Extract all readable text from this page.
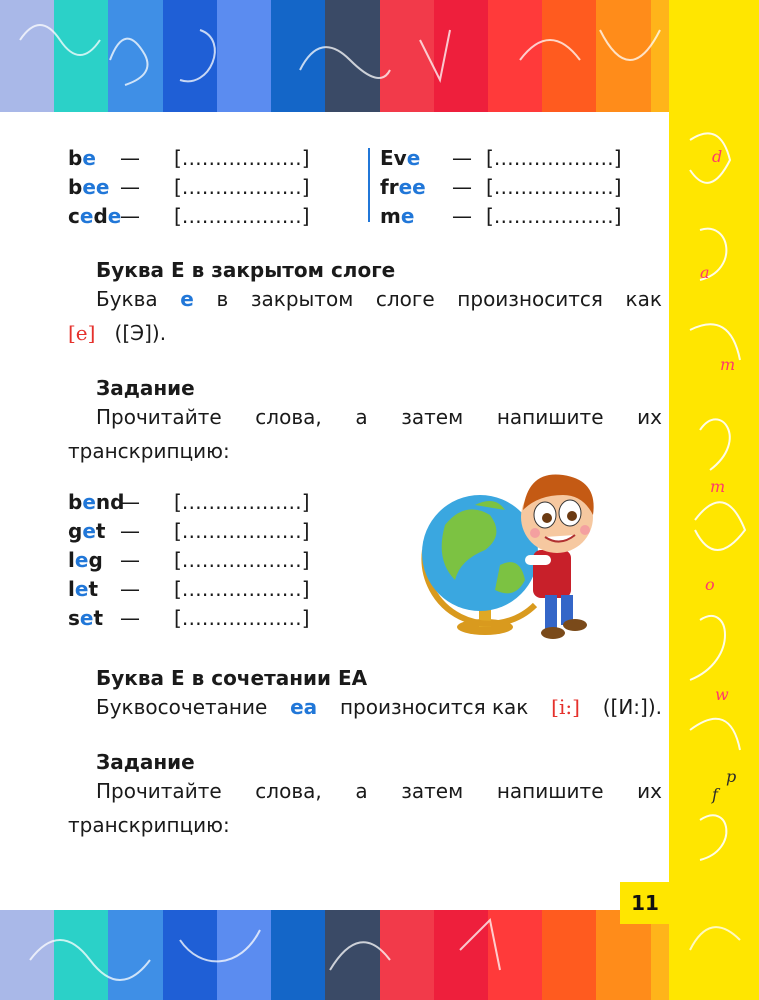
d
a
m
m
o
w
p
f
11
be — [………………]
bee — [………………]
cede
— [………………]
Eve — [………………]
free — [………………]
me — [………………]
Буква Е в закрытом слоге
Буква e в закрытом слоге произносится как
[e] ([Э]).
Задание
Прочитайте слова, а затем напишите их
транскрипцию:
bend
— [………………]
get — [………………]
leg — [………………]
let — [………………]
set — [………………]
Буква Е в сочетании ЕА
Буквосочетание ea произносится как [i:] ([И:]).
Задание
Прочитайте слова, а затем напишите их
транскрипцию:
